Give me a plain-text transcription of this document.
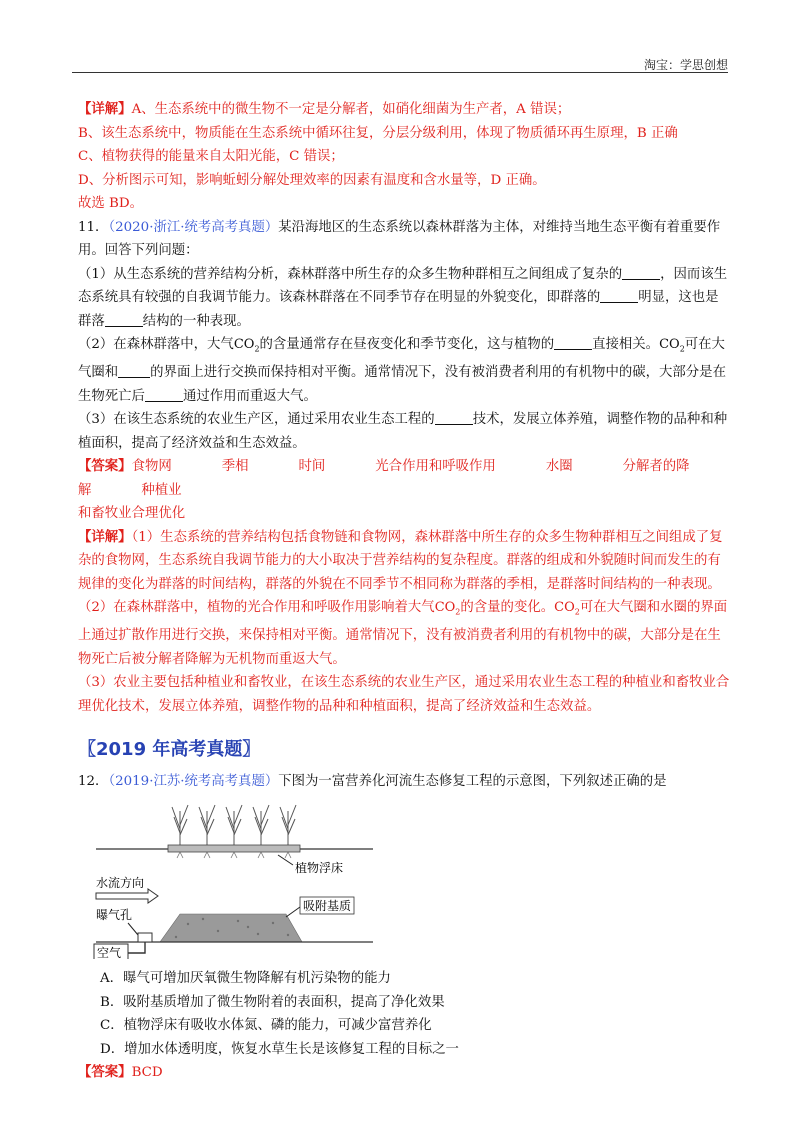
淘宝：学思创想

【详解】A、生态系统中的微生物不一定是分解者，如硝化细菌为生产者，A 错误；

B、该生态系统中，物质能在生态系统中循环往复，分层分级利用，体现了物质循环再生原理，B 正确

C、植物获得的能量来自太阳光能，C 错误；

D、分析图示可知，影响蚯蚓分解处理效率的因素有温度和含水量等，D 正确。

故选 BD。

11．（2020·浙江·统考高考真题）某沿海地区的生态系统以森林群落为主体，对维持当地生态平衡有着重要作用。回答下列问题：

（1）从生态系统的营养结构分析，森林群落中所生存的众多生物种群相互之间组成了复杂的	，因而该生态系统具有较强的自我调节能力。该森林群落在不同季节存在明显的外貌变化，即群落的	明显，这也是群落	结构的一种表现。

（2）在森林群落中，大气$CO_2$的含量通常存在昼夜变化和季节变化，这与植物的	直接相关。$CO_2$可在大气圈和 的界面上进行交换而保持相对平衡。通常情况下，没有被消费者利用的有机物中的碳，大部分是在生物死亡后	通过作用而重返大气。

（3）在该生态系统的农业生产区，通过采用农业生态工程的	技术，发展立体养殖，调整作物的品种和种植面积，提高了经济效益和生态效益。

【答案】食物网	季相	时间	光合作用和呼吸作用	水圈	分解者的降解	种植业

和畜牧业合理优化

【详解】（1）生态系统的营养结构包括食物链和食物网，森林群落中所生存的众多生物种群相互之间组成了复杂的食物网，生态系统自我调节能力的大小取决于营养结构的复杂程度。群落的组成和外貌随时间而发生的有规律的变化为群落的时间结构，群落的外貌在不同季节不相同称为群落的季相，是群落时间结构的一种表现。

（2）在森林群落中，植物的光合作用和呼吸作用影响着大气$CO_2$的含量的变化。$CO_2$可在大气圈和水圈的界面上通过扩散作用进行交换，来保持相对平衡。通常情况下，没有被消费者利用的有机物中的碳，大部分是在生物死亡后被分解者降解为无机物而重返大气。

（3）农业主要包括种植业和畜牧业，在该生态系统的农业生产区，通过采用农业生态工程的种植业和畜牧业合理优化技术，发展立体养殖，调整作物的品种和种植面积，提高了经济效益和生态效益。

〖2019 年高考真题〗

12．（2019·江苏·统考高考真题）下图为一富营养化河流生态修复工程的示意图，下列叙述正确的是

植物浮床
水流方向
吸附基质
曝气孔
空气

A．曝气可增加厌氧微生物降解有机污染物的能力

B．吸附基质增加了微生物附着的表面积，提高了净化效果

C．植物浮床有吸收水体氮、磷的能力，可减少富营养化

D．增加水体透明度，恢复水草生长是该修复工程的目标之一

【答案】BCD
